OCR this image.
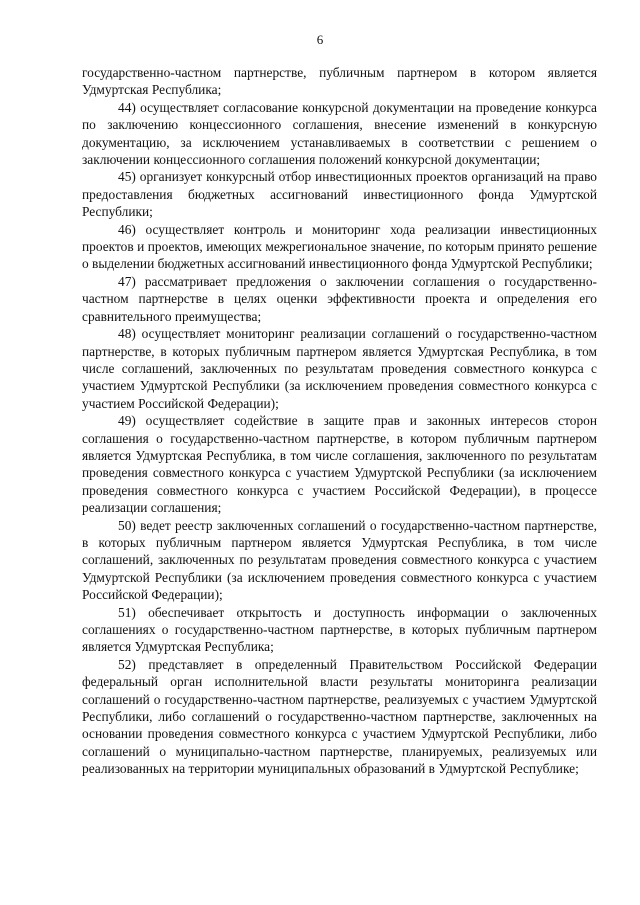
6

государственно-частном партнерстве, публичным партнером в котором является Удмуртская Республика;

44) осуществляет согласование конкурсной документации на проведение конкурса по заключению концессионного соглашения, внесение изменений в конкурсную документацию, за исключением устанавливаемых в соответствии с решением о заключении концессионного соглашения положений конкурсной документации;

45) организует конкурсный отбор инвестиционных проектов организаций на право предоставления бюджетных ассигнований инвестиционного фонда Удмуртской Республики;

46) осуществляет контроль и мониторинг хода реализации инвестиционных проектов и проектов, имеющих межрегиональное значение, по которым принято решение о выделении бюджетных ассигнований инвестиционного фонда Удмуртской Республики;

47) рассматривает предложения о заключении соглашения о государственно-частном партнерстве в целях оценки эффективности проекта и определения его сравнительного преимущества;

48) осуществляет мониторинг реализации соглашений о государственно-частном партнерстве, в которых публичным партнером является Удмуртская Республика, в том числе соглашений, заключенных по результатам проведения совместного конкурса с участием Удмуртской Республики (за исключением проведения совместного конкурса с участием Российской Федерации);

49) осуществляет содействие в защите прав и законных интересов сторон соглашения о государственно-частном партнерстве, в котором публичным партнером является Удмуртская Республика, в том числе соглашения, заключенного по результатам проведения совместного конкурса с участием Удмуртской Республики (за исключением проведения совместного конкурса с участием Российской Федерации), в процессе реализации соглашения;

50) ведет реестр заключенных соглашений о государственно-частном партнерстве, в которых публичным партнером является Удмуртская Республика, в том числе соглашений, заключенных по результатам проведения совместного конкурса с участием Удмуртской Республики (за исключением проведения совместного конкурса с участием Российской Федерации);

51) обеспечивает открытость и доступность информации о заключенных соглашениях о государственно-частном партнерстве, в которых публичным партнером является Удмуртская Республика;

52) представляет в определенный Правительством Российской Федерации федеральный орган исполнительной власти результаты мониторинга реализации соглашений о государственно-частном партнерстве, реализуемых с участием Удмуртской Республики, либо соглашений о государственно-частном партнерстве, заключенных на основании проведения совместного конкурса с участием Удмуртской Республики, либо соглашений о муниципально-частном партнерстве, планируемых, реализуемых или реализованных на территории муниципальных образований в Удмуртской Республике;
